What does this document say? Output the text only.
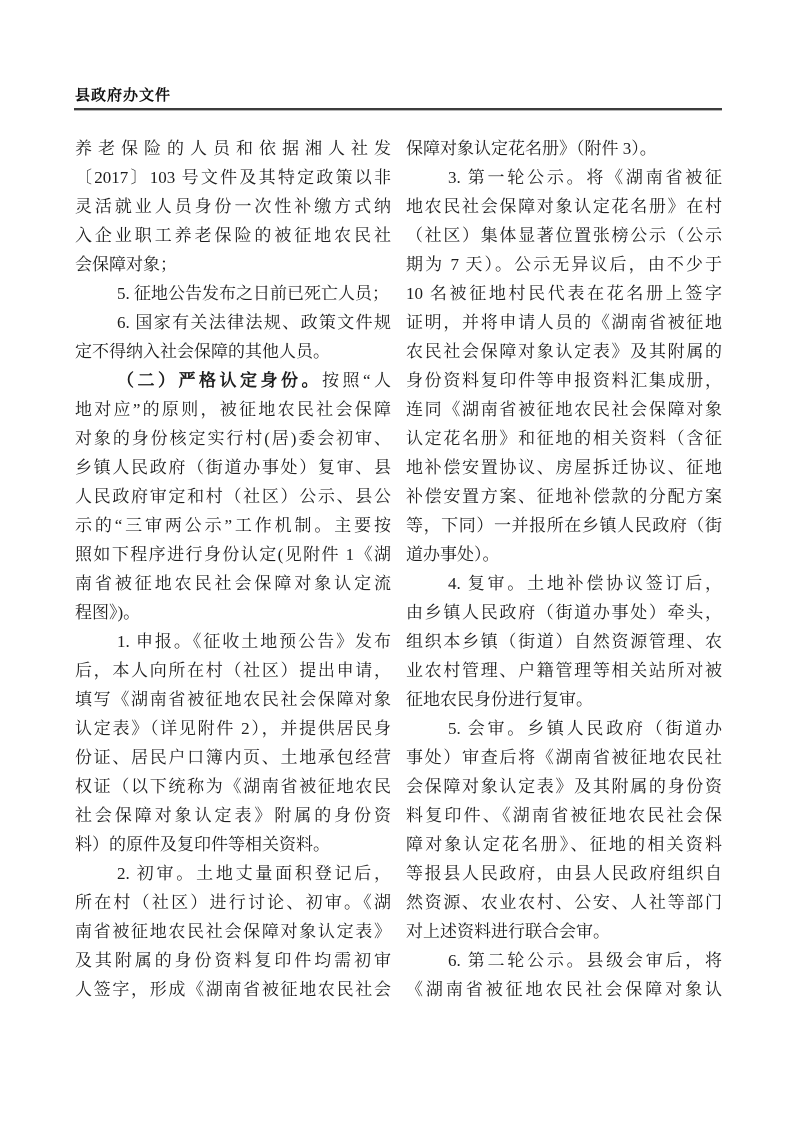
县政府办文件
养老保险的人员和依据湘人社发
〔2017〕103 号文件及其特定政策以非
灵活就业人员身份一次性补缴方式纳
入企业职工养老保险的被征地农民社
会保障对象；
5. 征地公告发布之日前已死亡人员；
6. 国家有关法律法规、政策文件规
定不得纳入社会保障的其他人员。
（二）严格认定身份。按照“人
地对应”的原则，被征地农民社会保障
对象的身份核定实行村(居)委会初审、
乡镇人民政府（街道办事处）复审、县
人民政府审定和村（社区）公示、县公
示的“三审两公示”工作机制。主要按
照如下程序进行身份认定(见附件 1《湖
南省被征地农民社会保障对象认定流
程图》)。
1. 申报。《征收土地预公告》发布
后，本人向所在村（社区）提出申请，
填写《湖南省被征地农民社会保障对象
认定表》（详见附件 2），并提供居民身
份证、居民户口簿内页、土地承包经营
权证（以下统称为《湖南省被征地农民
社会保障对象认定表》附属的身份资
料）的原件及复印件等相关资料。
2. 初审。土地丈量面积登记后，
所在村（社区）进行讨论、初审。《湖
南省被征地农民社会保障对象认定表》
及其附属的身份资料复印件均需初审
人签字，形成《湖南省被征地农民社会
保障对象认定花名册》（附件 3）。
3. 第一轮公示。将《湖南省被征
地农民社会保障对象认定花名册》在村
（社区）集体显著位置张榜公示（公示
期为 7 天）。公示无异议后，由不少于
10 名被征地村民代表在花名册上签字
证明，并将申请人员的《湖南省被征地
农民社会保障对象认定表》及其附属的
身份资料复印件等申报资料汇集成册，
连同《湖南省被征地农民社会保障对象
认定花名册》和征地的相关资料（含征
地补偿安置协议、房屋拆迁协议、征地
补偿安置方案、征地补偿款的分配方案
等，下同）一并报所在乡镇人民政府（街
道办事处）。
4. 复审。土地补偿协议签订后，
由乡镇人民政府（街道办事处）牵头，
组织本乡镇（街道）自然资源管理、农
业农村管理、户籍管理等相关站所对被
征地农民身份进行复审。
5. 会审。乡镇人民政府（街道办
事处）审查后将《湖南省被征地农民社
会保障对象认定表》及其附属的身份资
料复印件、《湖南省被征地农民社会保
障对象认定花名册》、征地的相关资料
等报县人民政府，由县人民政府组织自
然资源、农业农村、公安、人社等部门
对上述资料进行联合会审。
6. 第二轮公示。县级会审后，将
《湖南省被征地农民社会保障对象认
